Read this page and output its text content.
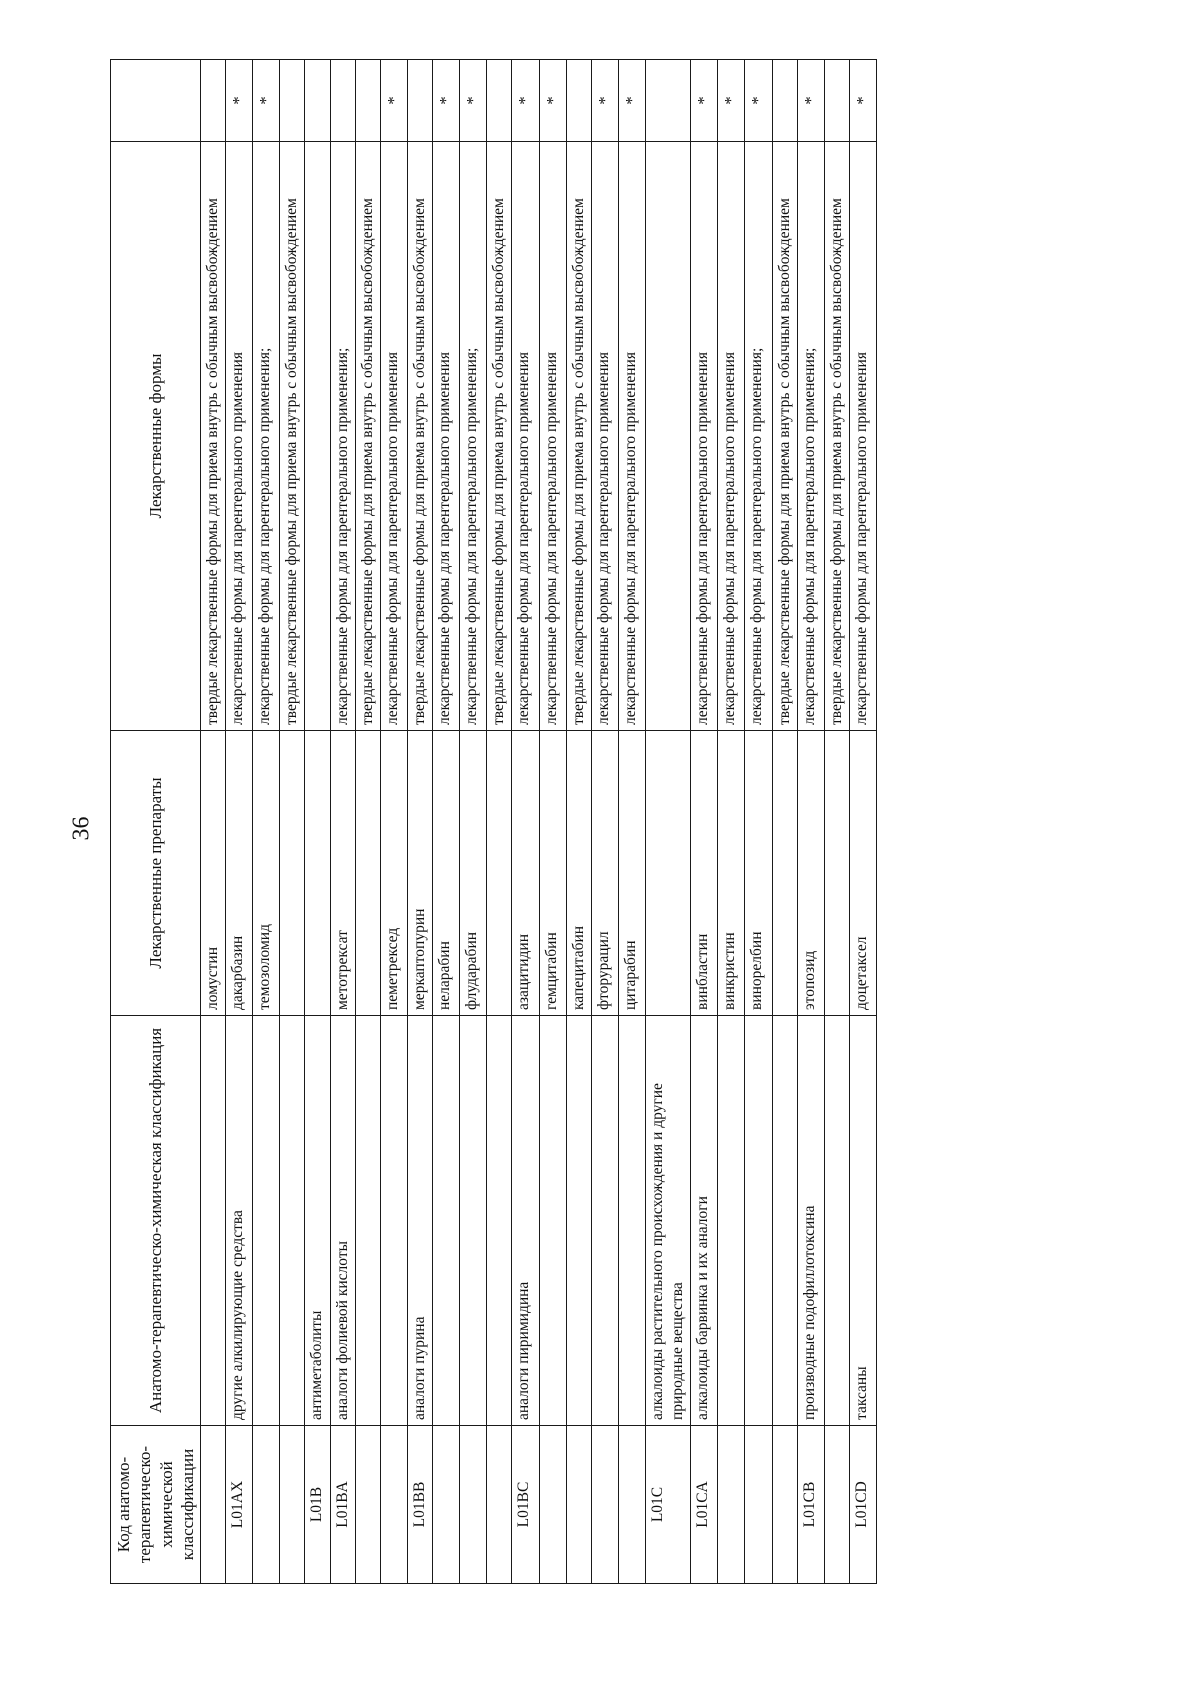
36
Код анатомо-терапевтическо-химической классификации	Анатомо-терапевтическо-химическая классификация	Лекарственные препараты	Лекарственные формы	
		ломустин	твердые лекарственные формы для приема внутрь с обычным высвобождением	
L01AX	другие алкилирующие средства	дакарбазин	лекарственные формы для парентерального применения	*
		темозоломид	лекарственные формы для парентерального применения;	*
			твердые лекарственные формы для приема внутрь с обычным высвобождением	
L01B	антиметаболиты			
L01BA	аналоги фолиевой кислоты	метотрексат	лекарственные формы для парентерального применения;	
			твердые лекарственные формы для приема внутрь с обычным высвобождением	
		пеметрексед	лекарственные формы для парентерального применения	*
L01BB	аналоги пурина	меркаптопурин	твердые лекарственные формы для приема внутрь с обычным высвобождением	
		неларабин	лекарственные формы для парентерального применения	*
		флударабин	лекарственные формы для парентерального применения;	*
			твердые лекарственные формы для приема внутрь с обычным высвобождением	
L01BC	аналоги пиримидина	азацитидин	лекарственные формы для парентерального применения	*
		гемцитабин	лекарственные формы для парентерального применения	*
		капецитабин	твердые лекарственные формы для приема внутрь с обычным высвобождением	
		фторурацил	лекарственные формы для парентерального применения	*
		цитарабин	лекарственные формы для парентерального применения	*
L01C	алкалоиды растительного происхождения и другие природные вещества			
L01CA	алкалоиды барвинка и их аналоги	винбластин	лекарственные формы для парентерального применения	*
		винкристин	лекарственные формы для парентерального применения	*
		винорелбин	лекарственные формы для парентерального применения;	*
			твердые лекарственные формы для приема внутрь с обычным высвобождением	
L01CB	производные подофиллотоксина	этопозид	лекарственные формы для парентерального применения;	*
			твердые лекарственные формы для приема внутрь с обычным высвобождением	
L01CD	таксаны	доцетаксел	лекарственные формы для парентерального применения	*
